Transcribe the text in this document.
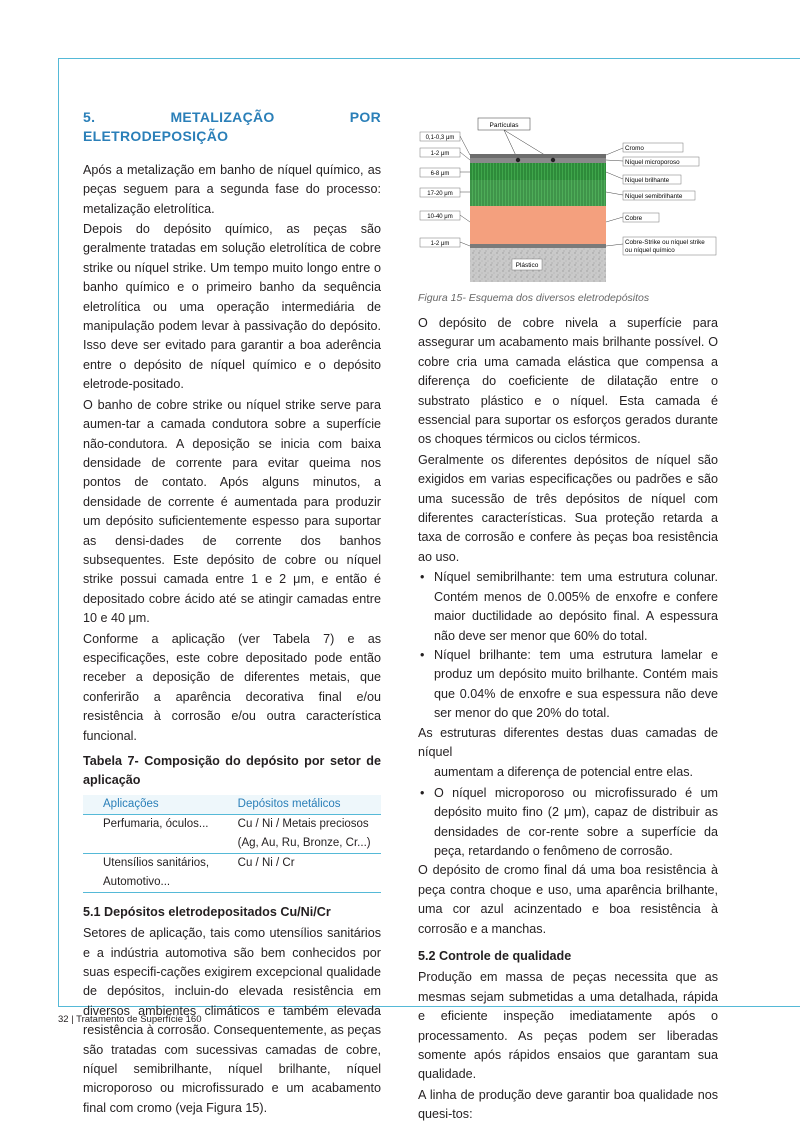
5. METALIZAÇÃO POR ELETRODEPOSIÇÃO

Após a metalização em banho de níquel químico, as peças seguem para a segunda fase do processo: metalização eletrolítica.

Depois do depósito químico, as peças são geralmente tratadas em solução eletrolítica de cobre strike ou níquel strike. Um tempo muito longo entre o banho químico e o primeiro banho da sequência eletrolítica ou uma operação intermediária de manipulação podem levar à passivação do depósito. Isso deve ser evitado para garantir a boa aderência entre o depósito de níquel químico e o depósito eletrode-positado.

O banho de cobre strike ou níquel strike serve para aumen-tar a camada condutora sobre a superfície não-condutora. A deposição se inicia com baixa densidade de corrente para evitar queima nos pontos de contato. Após alguns minutos, a densidade de corrente é aumentada para produzir um depósito suficientemente espesso para suportar as densi-dades de corrente dos banhos subsequentes. Este depósito de cobre ou níquel strike possui camada entre 1 e 2 μm, e então é depositado cobre ácido até se atingir camadas entre 10 e 40 μm.

Conforme a aplicação (ver Tabela 7) e as especificações, este cobre depositado pode então receber a deposição de diferentes metais, que conferirão a aparência decorativa final e/ou resistência à corrosão e/ou outra característica funcional.

Tabela 7- Composição do depósito por setor de aplicação
Aplicações	Depósitos metálicos
Perfumaria, óculos...	Cu / Ni / Metais preciosos
	(Ag, Au, Ru, Bronze, Cr...)
Utensílios sanitários,	Cu / Ni / Cr
Automotivo...	
5.1 Depósitos eletrodepositados Cu/Ni/Cr

Setores de aplicação, tais como utensílios sanitários e a indústria automotiva são bem conhecidos por suas especifi-cações exigirem excepcional qualidade de depósitos, incluin-do elevada resistência em diversos ambientes climáticos e também elevada resistência à corrosão. Consequentemente, as peças são tratadas com sucessivas camadas de cobre, níquel semibrilhante, níquel brilhante, níquel microporoso ou microfissurado e um acabamento final com cromo (veja Figura 15).

Partículas
Plástico
0,1-0,3 μm
1-2 μm
6-8 μm
17-20 μm
10-40 μm
1-2 μm
Cromo
Níquel microporoso
Níquel brilhante
Níquel semibrilhante
Cobre
Cobre-Strike ou níquel strike
ou níquel químico
Figura 15- Esquema dos diversos eletrodepósitos

O depósito de cobre nivela a superfície para assegurar um acabamento mais brilhante possível. O cobre cria uma camada elástica que compensa a diferença do coeficiente de dilatação entre o substrato plástico e o níquel. Esta camada é essencial para suportar os esforços gerados durante os choques térmicos ou ciclos térmicos.

Geralmente os diferentes depósitos de níquel são exigidos em varias especificações ou padrões e são uma sucessão de três depósitos de níquel com diferentes características. Sua proteção retarda a taxa de corrosão e confere às peças boa resistência ao uso.

• Níquel semibrilhante: tem uma estrutura colunar. Contém menos de 0.005% de enxofre e confere maior ductilidade ao depósito final. A espessura não deve ser menor que 60% do total.
• Níquel brilhante: tem uma estrutura lamelar e produz um depósito muito brilhante. Contém mais que 0.04% de enxofre e sua espessura não deve ser menor do que 20% do total.

As estruturas diferentes destas duas camadas de níquel

aumentam a diferença de potencial entre elas.

• O níquel microporoso ou microfissurado é um depósito muito fino (2 μm), capaz de distribuir as densidades de cor-rente sobre a superfície da peça, retardando o fenômeno de corrosão.

O depósito de cromo final dá uma boa resistência à peça contra choque e uso, uma aparência brilhante, uma cor azul acinzentado e boa resistência à corrosão e a manchas.

5.2 Controle de qualidade

Produção em massa de peças necessita que as mesmas sejam submetidas a uma detalhada, rápida e eficiente inspeção imediatamente após o processamento. As peças podem ser liberadas somente após rápidos ensaios que garantam sua qualidade.

A linha de produção deve garantir boa qualidade nos quesi-tos:

32 | Tratamento de Superfície 160
